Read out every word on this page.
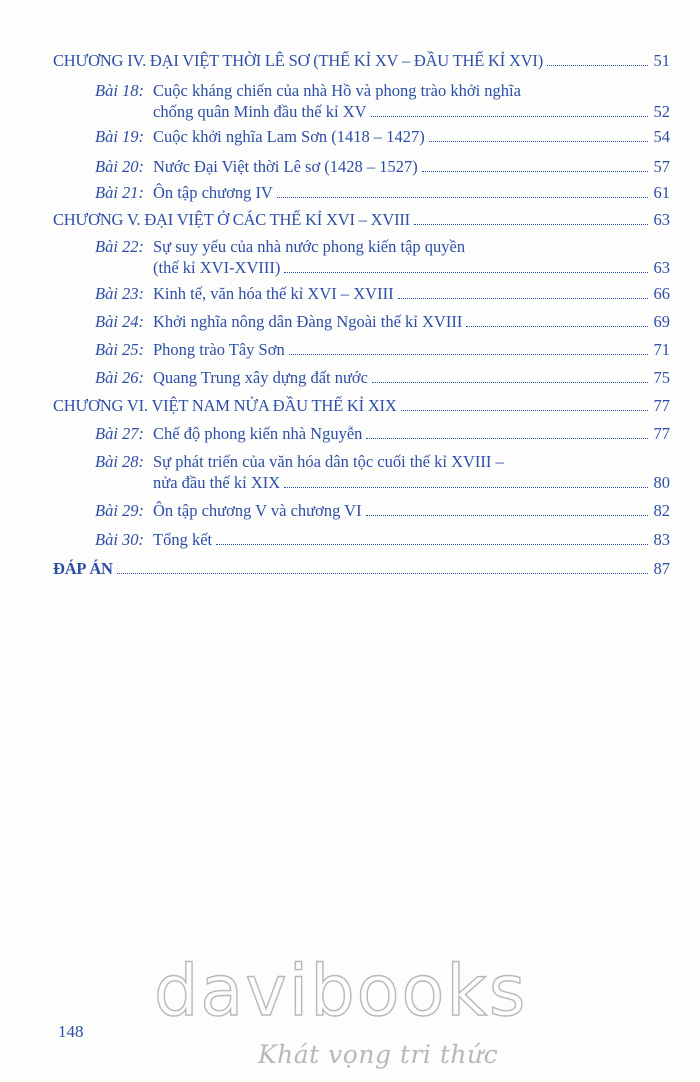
CHƯƠNG IV. ĐẠI VIỆT THỜI LÊ SƠ (THẾ KỈ XV – ĐẦU THẾ KỈ XVI)	51
Bài 18: Cuộc kháng chiến của nhà Hồ và phong trào khởi nghĩa
chống quân Minh đầu thế kỉ XV	52
Bài 19: Cuộc khởi nghĩa Lam Sơn (1418 – 1427)	54
Bài 20: Nước Đại Việt thời Lê sơ (1428 – 1527)	57
Bài 21: Ôn tập chương IV	61
CHƯƠNG V. ĐẠI VIỆT Ở CÁC THẾ KỈ XVI – XVIII	63
Bài 22: Sự suy yếu của nhà nước phong kiến tập quyền
(thế kỉ XVI-XVIII)	63
Bài 23: Kinh tế, văn hóa thế kỉ XVI – XVIII	66
Bài 24: Khởi nghĩa nông dân Đàng Ngoài thế kỉ XVIII	69
Bài 25: Phong trào Tây Sơn	71
Bài 26: Quang Trung xây dựng đất nước	75
CHƯƠNG VI. VIỆT NAM NỬA ĐẦU THẾ KỈ XIX	77
Bài 27: Chế độ phong kiến nhà Nguyễn	77
Bài 28: Sự phát triển của văn hóa dân tộc cuối thế kỉ XVIII –
nửa đầu thế kỉ XIX	80
Bài 29: Ôn tập chương V và chương VI	82
Bài 30: Tổng kết	83
ĐÁP ÁN	87
davibooks
Khát vọng tri thức
148
